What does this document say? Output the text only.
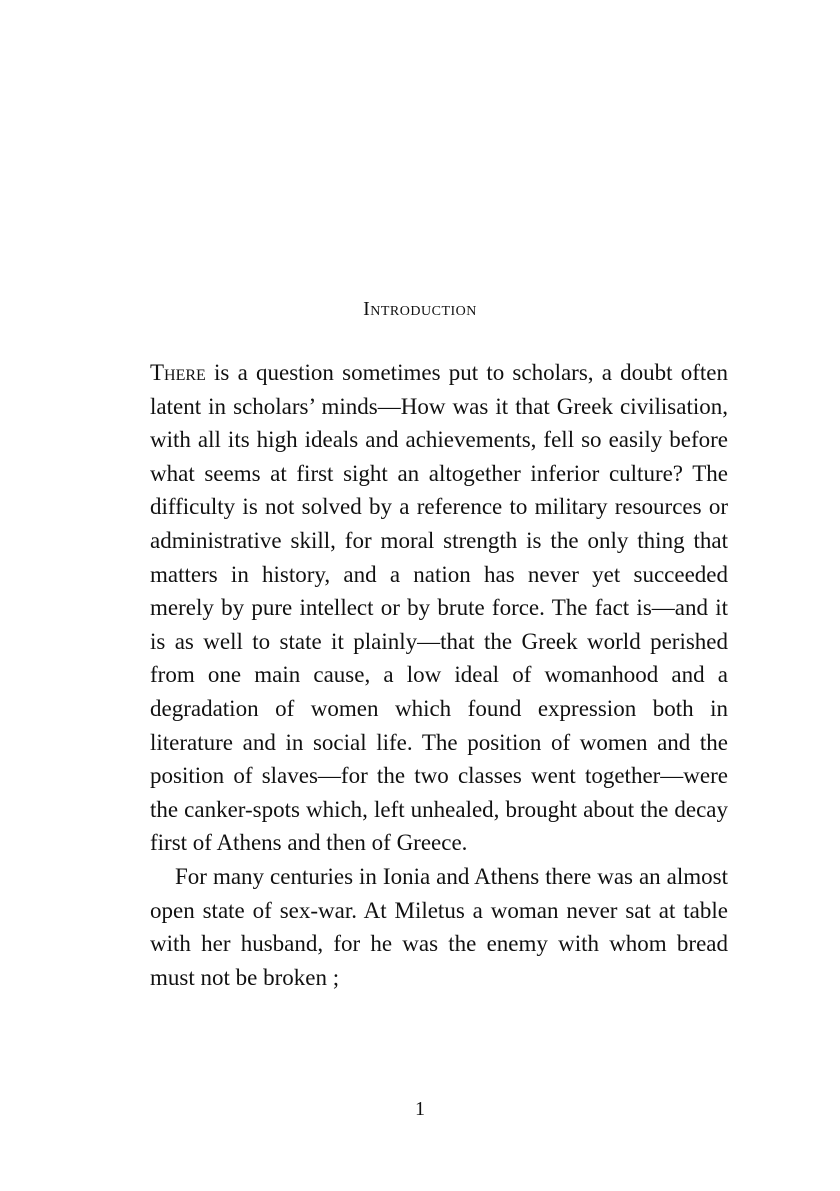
Introduction

There is a question sometimes put to scholars, a doubt often latent in scholars’ minds—How was it that Greek civilisation, with all its high ideals and achievements, fell so easily before what seems at first sight an altogether inferior culture? The difficulty is not solved by a reference to military resources or administrative skill, for moral strength is the only thing that matters in history, and a nation has never yet succeeded merely by pure intellect or by brute force. The fact is—and it is as well to state it plainly—that the Greek world perished from one main cause, a low ideal of womanhood and a degradation of women which found expression both in literature and in social life. The position of women and the position of slaves—for the two classes went together—were the canker-spots which, left unhealed, brought about the decay first of Athens and then of Greece.

For many centuries in Ionia and Athens there was an almost open state of sex-war. At Miletus a woman never sat at table with her husband, for he was the enemy with whom bread must not be broken ;

1
